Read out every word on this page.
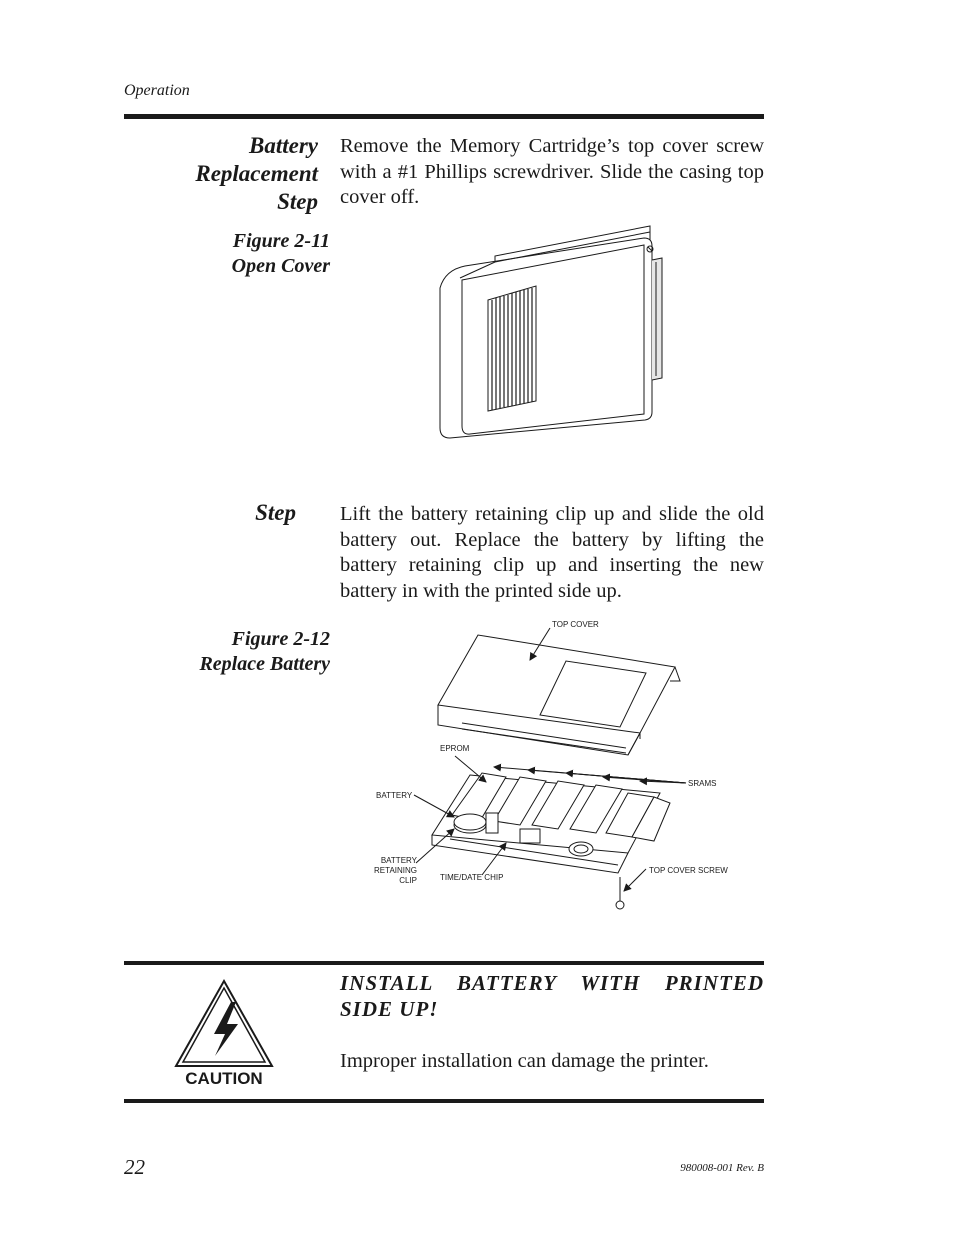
Operation
Battery
Replacement
Step
Remove the Memory Cartridge’s top cover screw with a #1 Phillips screwdriver. Slide the casing top cover off.
Figure 2-11
Open Cover
Step Lift the battery retaining clip up and slide the old battery out. Replace the battery by lifting the battery retaining clip up and inserting the new battery in with the printed side up.
Figure 2-12
Replace Battery
TOP COVER
EPROM
SRAMS
BATTERY
BATTERY
RETAINING
CLIP	TIME/DATE CHIP
TOP COVER SCREW
CAUTION
INSTALL BATTERY WITH PRINTED SIDE UP!
Improper installation can damage the printer.
22	980008-001 Rev. B
